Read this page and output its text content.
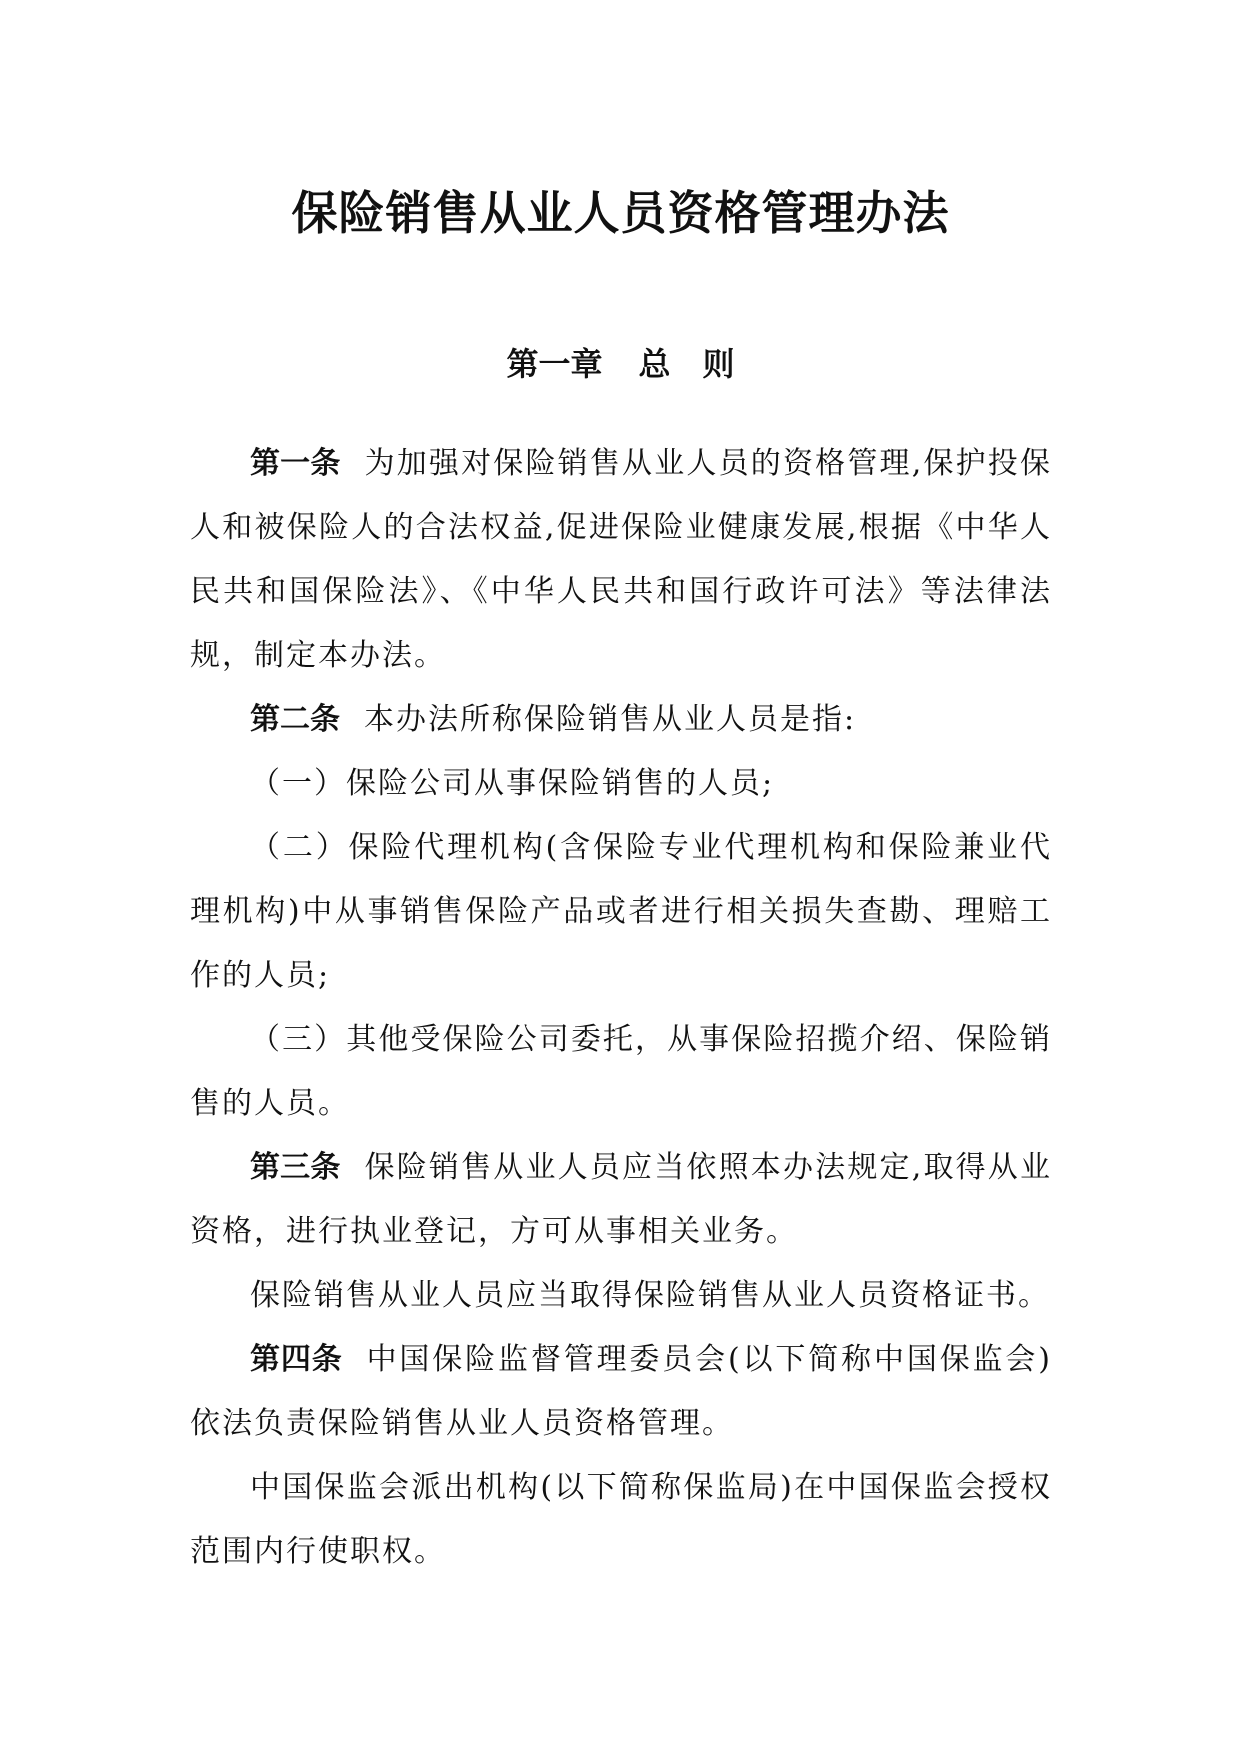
保险销售从业人员资格管理办法
第一章 总　则

第一条 为加强对保险销售从业人员的资格管理,保护投保人和被保险人的合法权益,促进保险业健康发展,根据《中华人民共和国保险法》、《中华人民共和国行政许可法》等法律法规，制定本办法。

第二条 本办法所称保险销售从业人员是指:

（一）保险公司从事保险销售的人员;

（二）保险代理机构(含保险专业代理机构和保险兼业代理机构)中从事销售保险产品或者进行相关损失查勘、理赔工作的人员;

（三）其他受保险公司委托，从事保险招揽介绍、保险销售的人员。

第三条 保险销售从业人员应当依照本办法规定,取得从业资格，进行执业登记，方可从事相关业务。

保险销售从业人员应当取得保险销售从业人员资格证书。

第四条 中国保险监督管理委员会(以下简称中国保监会)依法负责保险销售从业人员资格管理。

中国保监会派出机构(以下简称保监局)在中国保监会授权范围内行使职权。
